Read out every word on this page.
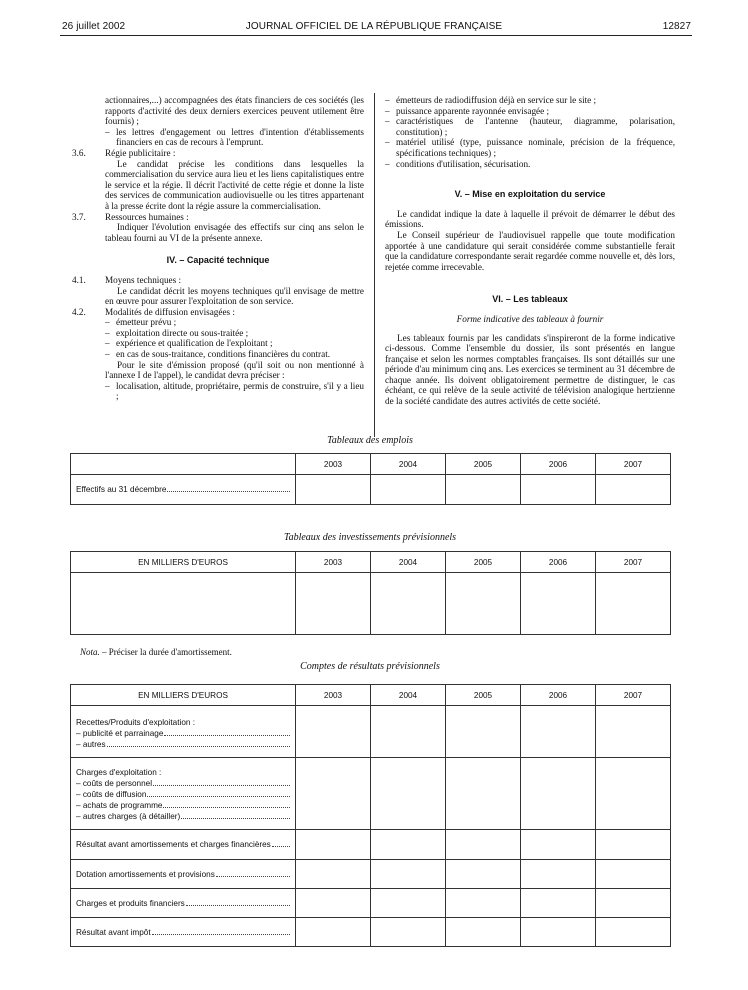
26 juillet 2002	JOURNAL OFFICIEL DE LA RÉPUBLIQUE FRANÇAISE	12827

actionnaires,...) accompagnées des états financiers de ces sociétés (les rapports d'activité des deux derniers exercices peuvent utilement être fournis) ;

– les lettres d'engagement ou lettres d'intention d'établissements financiers en cas de recours à l'emprunt.

3.6. Régie publicitaire :

Le candidat précise les conditions dans lesquelles la commercialisation du service aura lieu et les liens capitalistiques entre le service et la régie. Il décrit l'activité de cette régie et donne la liste des services de communication audiovisuelle ou les titres appartenant à la presse écrite dont la régie assure la commercialisation.

3.7. Ressources humaines :

Indiquer l'évolution envisagée des effectifs sur cinq ans selon le tableau fourni au VI de la présente annexe.

IV. – Capacité technique

4.1. Moyens techniques :

Le candidat décrit les moyens techniques qu'il envisage de mettre en œuvre pour assurer l'exploitation de son service.

4.2. Modalités de diffusion envisagées :

– émetteur prévu ;

– exploitation directe ou sous-traitée ;

– expérience et qualification de l'exploitant ;

– en cas de sous-traitance, conditions financières du contrat.

Pour le site d'émission proposé (qu'il soit ou non mentionné à l'annexe I de l'appel), le candidat devra préciser :

– localisation, altitude, propriétaire, permis de construire, s'il y a lieu ;

– émetteurs de radiodiffusion déjà en service sur le site ;

– puissance apparente rayonnée envisagée ;

– caractéristiques de l'antenne (hauteur, diagramme, polarisation, constitution) ;

– matériel utilisé (type, puissance nominale, précision de la fréquence, spécifications techniques) ;

– conditions d'utilisation, sécurisation.

V. – Mise en exploitation du service

Le candidat indique la date à laquelle il prévoit de démarrer le début des émissions.

Le Conseil supérieur de l'audiovisuel rappelle que toute modification apportée à une candidature qui serait considérée comme substantielle ferait que la candidature correspondante serait regardée comme nouvelle et, dès lors, rejetée comme irrecevable.

VI. – Les tableaux

Forme indicative des tableaux à fournir

Les tableaux fournis par les candidats s'inspireront de la forme indicative ci-dessous. Comme l'ensemble du dossier, ils sont présentés en langue française et selon les normes comptables françaises. Ils sont détaillés sur une période d'au minimum cinq ans. Les exercices se terminent au 31 décembre de chaque année. Ils doivent obligatoirement permettre de distinguer, le cas échéant, ce qui relève de la seule activité de télévision analogique hertzienne de la société candidate des autres activités de cette société.

Tableaux des emplois
	2003	2004	2005	2006	2007

Effectifs au 31 décembre					

Tableaux des investissements prévisionnels
EN MILLIERS D'EUROS	2003	2004	2005	2006	2007

Nota. – Préciser la durée d'amortissement.
Comptes de résultats prévisionnels
EN MILLIERS D'EUROS	2003	2004	2005	2006	2007

Recettes/Produits d'exploitation :
– publicité et parrainage
– autres					

Charges d'exploitation :
– coûts de personnel
– coûts de diffusion
– achats de programme
– autres charges (à détailler)					

Résultat avant amortissements et charges financières					

Dotation amortissements et provisions					

Charges et produits financiers					

Résultat avant impôt					
